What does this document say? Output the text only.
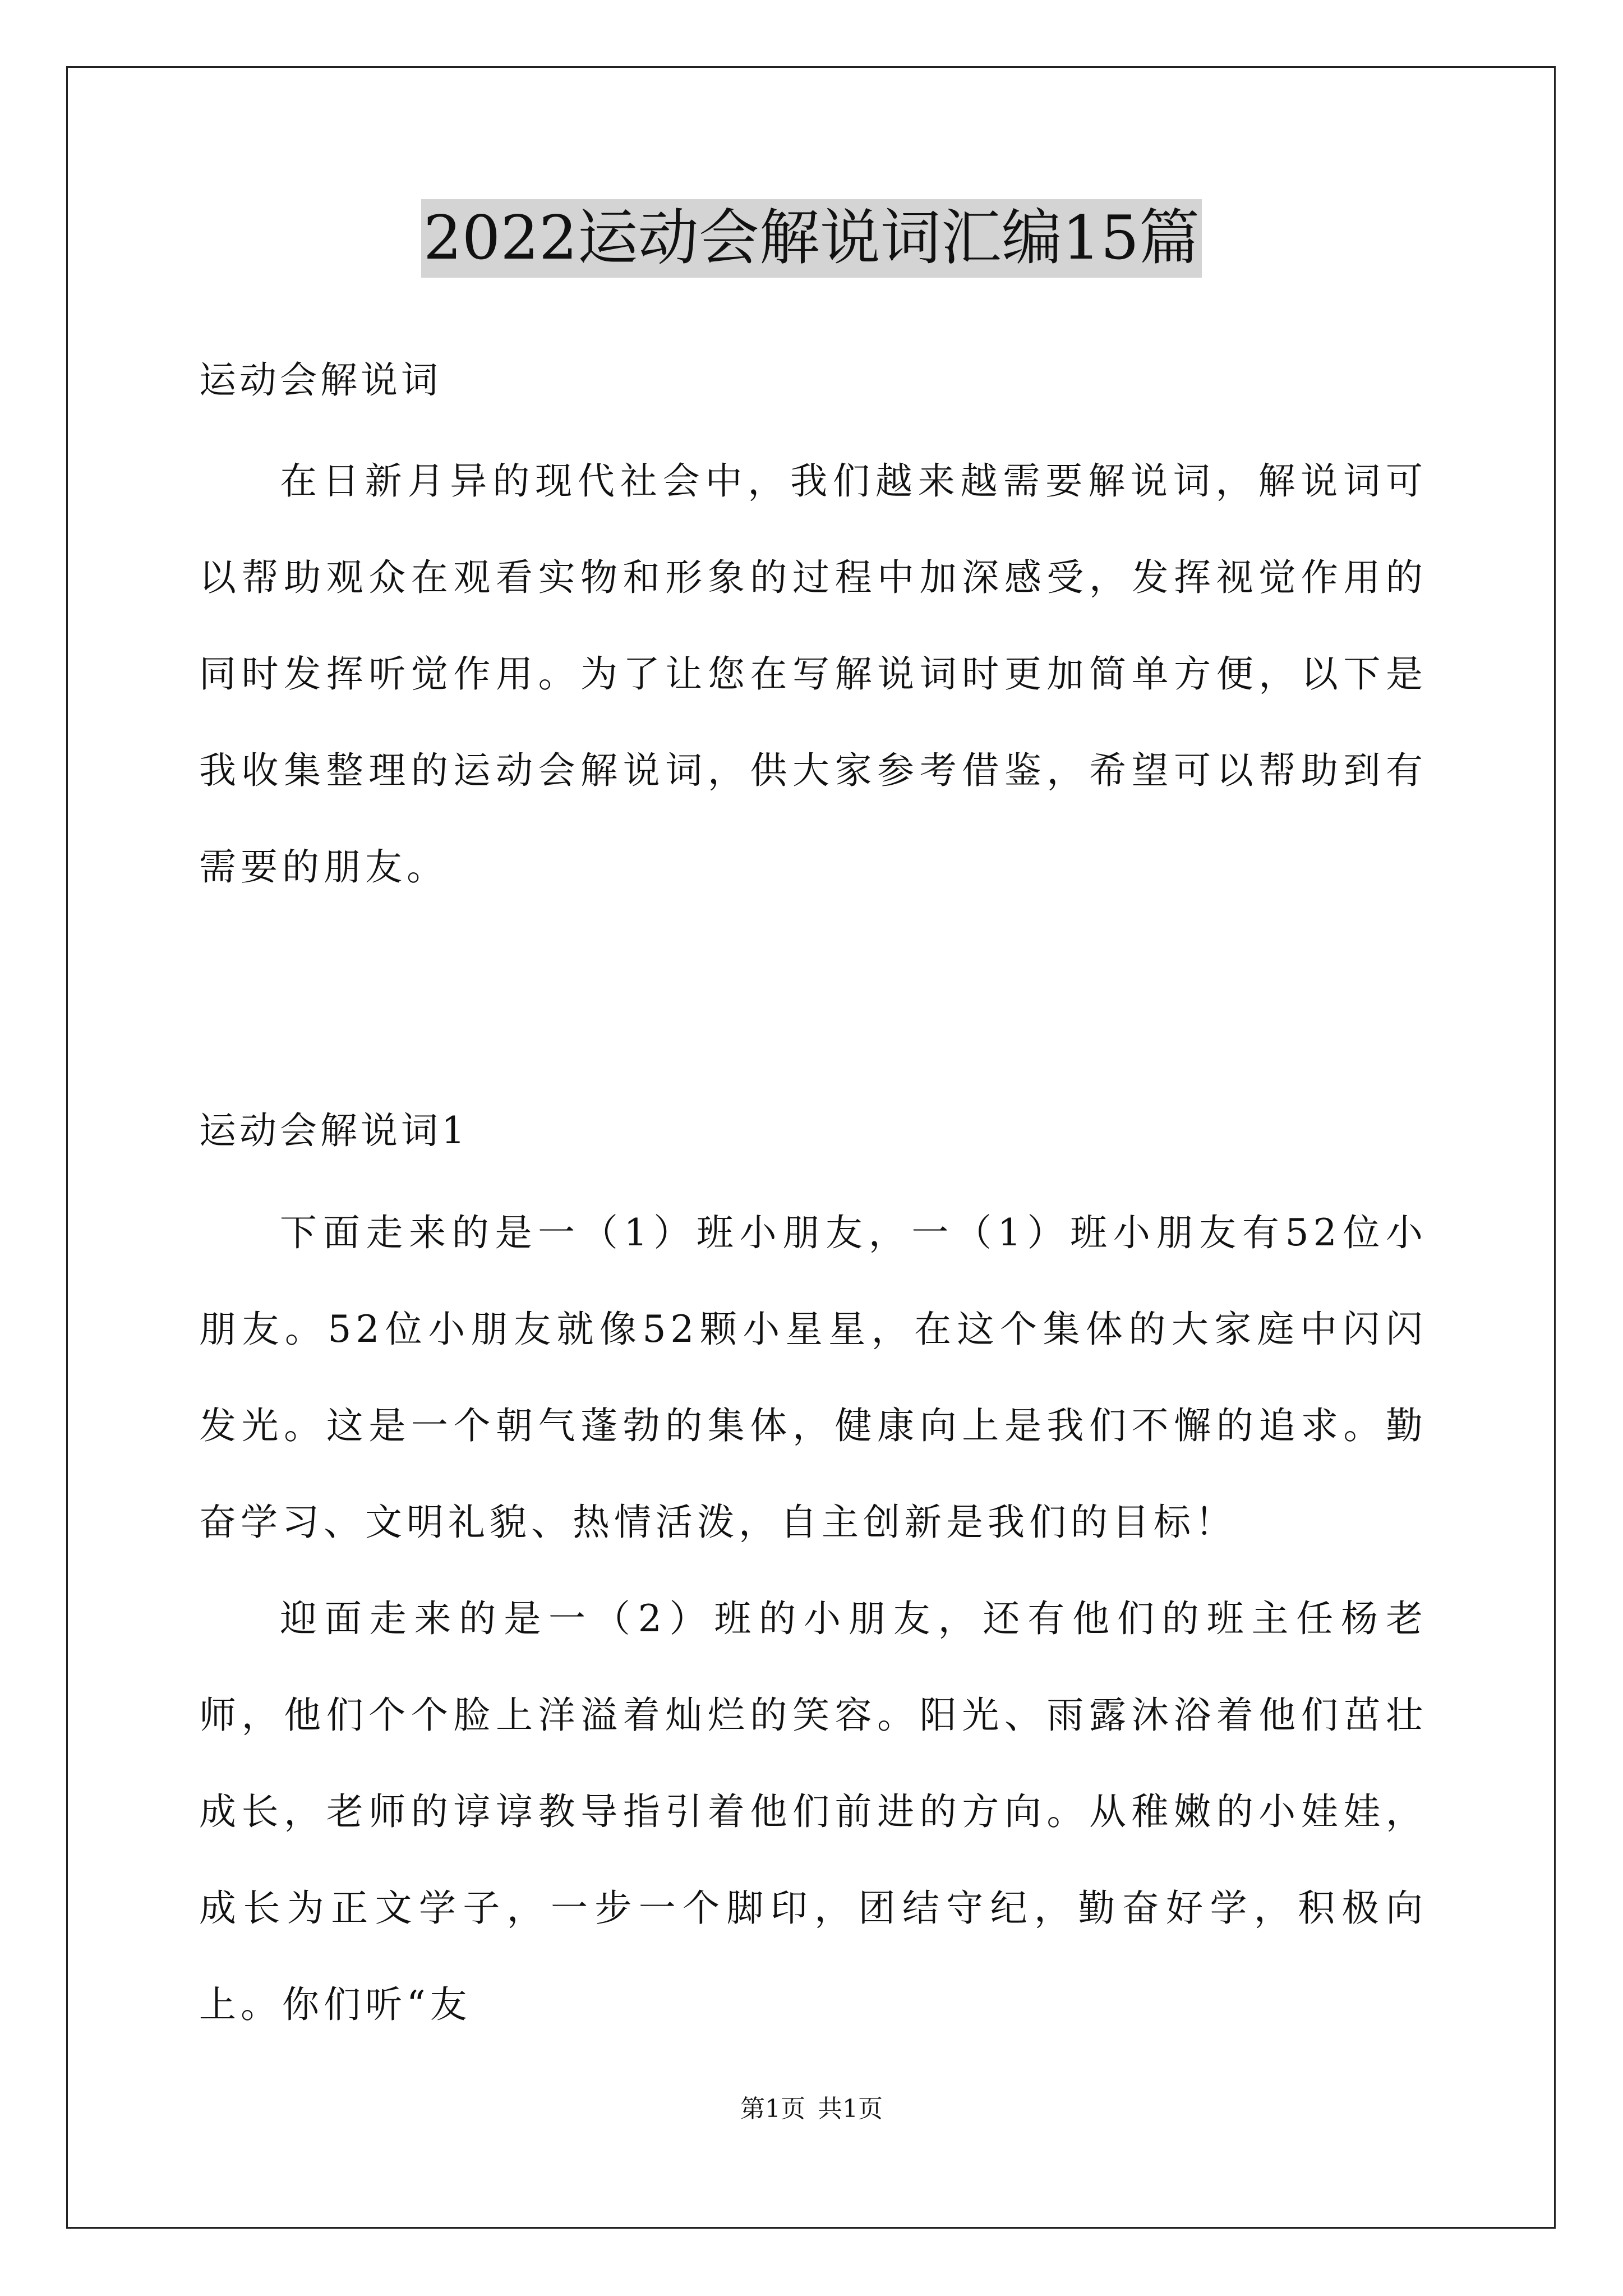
2022运动会解说词汇编15篇
运动会解说词

在日新月异的现代社会中，我们越来越需要解说词，解说词可以帮助观众在观看实物和形象的过程中加深感受，发挥视觉作用的同时发挥听觉作用。为了让您在写解说词时更加简单方便，以下是我收集整理的运动会解说词，供大家参考借鉴，希望可以帮助到有需要的朋友。

运动会解说词1

下面走来的是一（1）班小朋友，一（1）班小朋友有52位小朋友。52位小朋友就像52颗小星星，在这个集体的大家庭中闪闪发光。这是一个朝气蓬勃的集体，健康向上是我们不懈的追求。勤奋学习、文明礼貌、热情活泼，自主创新是我们的目标！

迎面走来的是一（2）班的小朋友，还有他们的班主任杨老师，他们个个脸上洋溢着灿烂的笑容。阳光、雨露沐浴着他们茁壮成长，老师的谆谆教导指引着他们前进的方向。从稚嫩的小娃娃，成长为正文学子，一步一个脚印，团结守纪，勤奋好学，积极向上。你们听“友

第1页 共1页
